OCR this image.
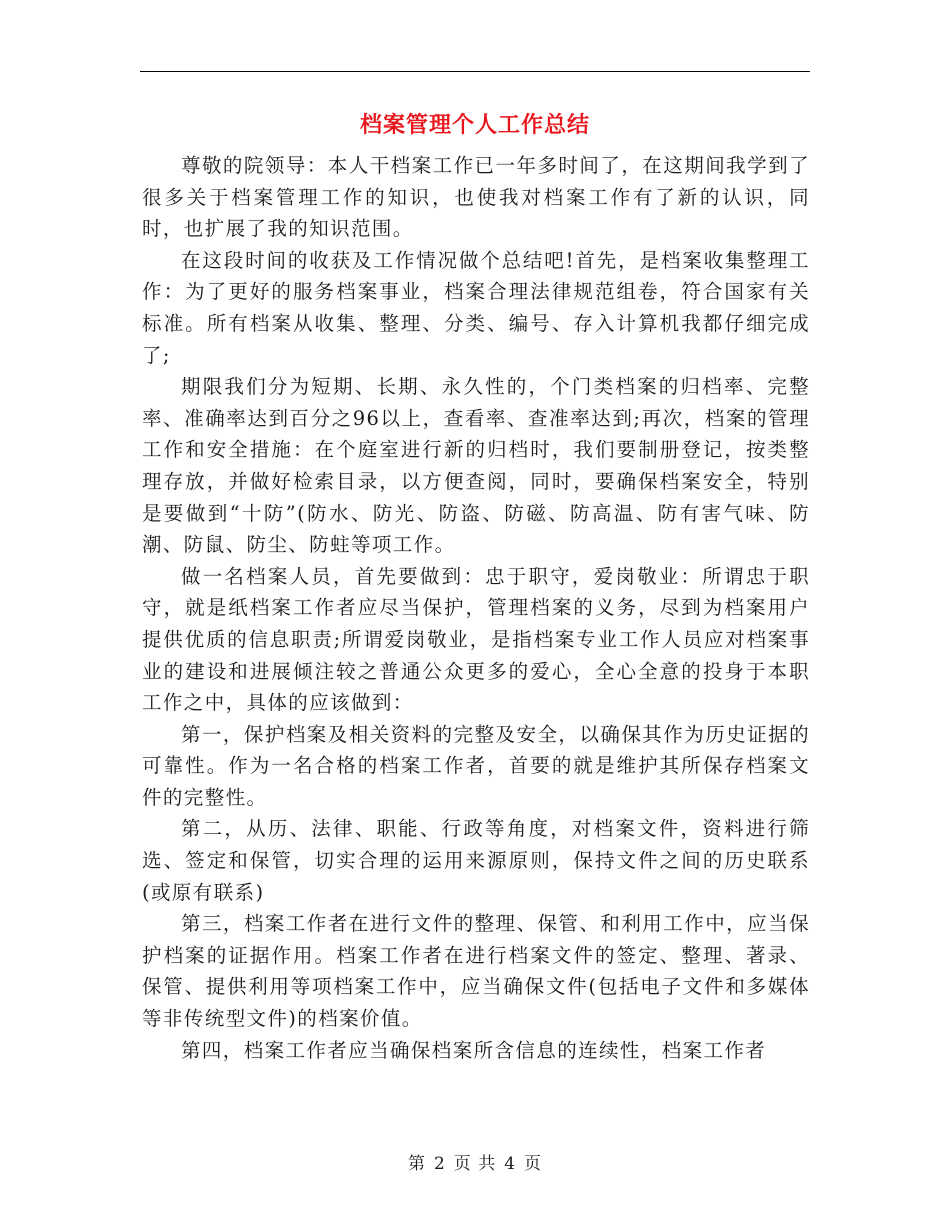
档案管理个人工作总结

尊敬的院领导：本人干档案工作已一年多时间了，在这期间我学到了很多关于档案管理工作的知识，也使我对档案工作有了新的认识，同时，也扩展了我的知识范围。

在这段时间的收获及工作情况做个总结吧!首先，是档案收集整理工作：为了更好的服务档案事业，档案合理法律规范组卷，符合国家有关标准。所有档案从收集、整理、分类、编号、存入计算机我都仔细完成了;

期限我们分为短期、长期、永久性的，个门类档案的归档率、完整率、准确率达到百分之96以上，查看率、查准率达到;再次，档案的管理工作和安全措施：在个庭室进行新的归档时，我们要制册登记，按类整理存放，并做好检索目录，以方便查阅，同时，要确保档案安全，特别是要做到“十防”(防水、防光、防盗、防磁、防高温、防有害气味、防潮、防鼠、防尘、防蛀等项工作。

做一名档案人员，首先要做到：忠于职守，爱岗敬业：所谓忠于职守，就是纸档案工作者应尽当保护，管理档案的义务，尽到为档案用户提供优质的信息职责;所谓爱岗敬业，是指档案专业工作人员应对档案事业的建设和进展倾注较之普通公众更多的爱心，全心全意的投身于本职工作之中，具体的应该做到：

第一，保护档案及相关资料的完整及安全，以确保其作为历史证据的可靠性。作为一名合格的档案工作者，首要的就是维护其所保存档案文件的完整性。

第二，从历、法律、职能、行政等角度，对档案文件，资料进行筛选、签定和保管，切实合理的运用来源原则，保持文件之间的历史联系(或原有联系)

第三，档案工作者在进行文件的整理、保管、和利用工作中，应当保护档案的证据作用。档案工作者在进行档案文件的签定、整理、著录、保管、提供利用等项档案工作中，应当确保文件(包括电子文件和多媒体等非传统型文件)的档案价值。

第四，档案工作者应当确保档案所含信息的连续性，档案工作者

第 2 页 共 4 页
